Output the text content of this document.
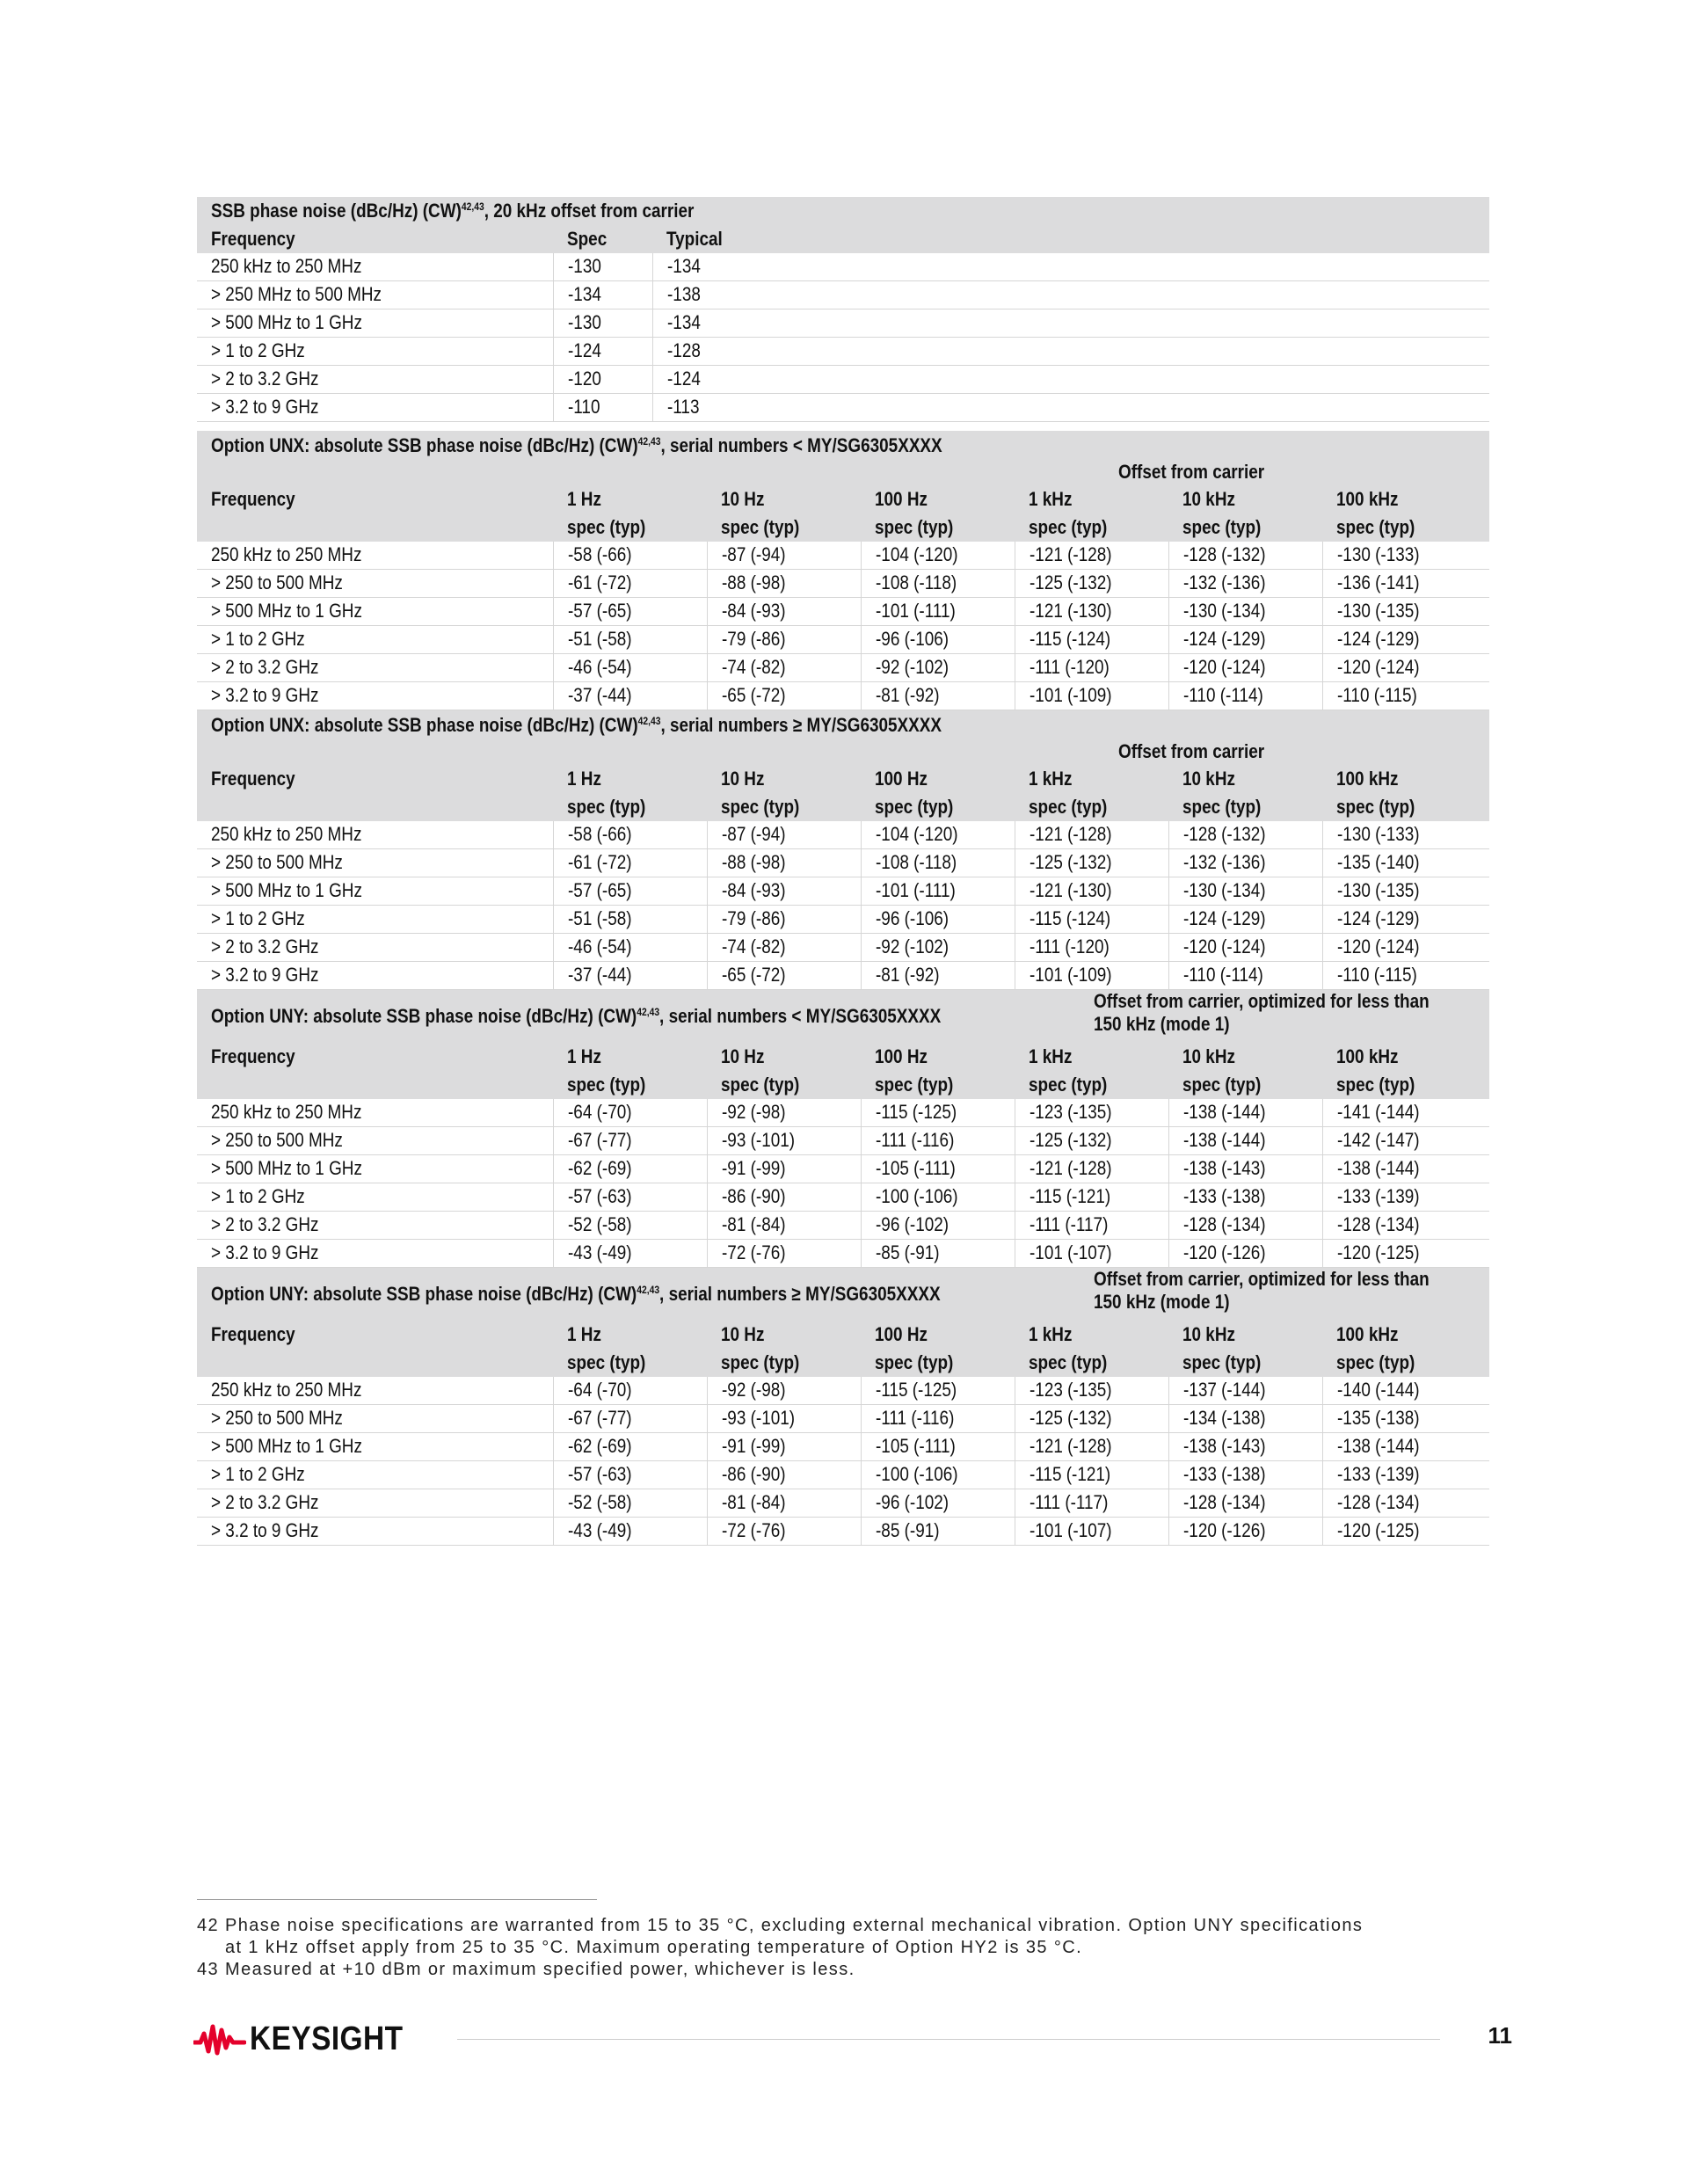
SSB phase noise (dBc/Hz) (CW)$^{42,43}$, 20 kHz offset from carrier
Frequency	Spec	Typical
250 kHz to 250 MHz	-130	-134
> 250 MHz to 500 MHz	-134	-138
> 500 MHz to 1 GHz	-130	-134
> 1 to 2 GHz	-124	-128
> 2 to 3.2 GHz	-120	-124
> 3.2 to 9 GHz	-110	-113

Option UNX: absolute SSB phase noise (dBc/Hz) (CW)$^{42,43}$, serial numbers < MY/SG6305XXXX				Offset from carrier		
Frequency	1 Hz	10 Hz	100 Hz	1 kHz	10 kHz	100 kHz
	spec (typ)	spec (typ)	spec (typ)	spec (typ)	spec (typ)	spec (typ)
250 kHz to 250 MHz	-58 (-66)	-87 (-94)	-104 (-120)	-121 (-128)	-128 (-132)	-130 (-133)
> 250 to 500 MHz	-61 (-72)	-88 (-98)	-108 (-118)	-125 (-132)	-132 (-136)	-136 (-141)
> 500 MHz to 1 GHz	-57 (-65)	-84 (-93)	-101 (-111)	-121 (-130)	-130 (-134)	-130 (-135)
> 1 to 2 GHz	-51 (-58)	-79 (-86)	-96 (-106)	-115 (-124)	-124 (-129)	-124 (-129)
> 2 to 3.2 GHz	-46 (-54)	-74 (-82)	-92 (-102)	-111 (-120)	-120 (-124)	-120 (-124)
> 3.2 to 9 GHz	-37 (-44)	-65 (-72)	-81 (-92)	-101 (-109)	-110 (-114)	-110 (-115)
Option UNX: absolute SSB phase noise (dBc/Hz) (CW)$^{42,43}$, serial numbers ≥ MY/SG6305XXXX				Offset from carrier		
Frequency	1 Hz	10 Hz	100 Hz	1 kHz	10 kHz	100 kHz
	spec (typ)	spec (typ)	spec (typ)	spec (typ)	spec (typ)	spec (typ)
250 kHz to 250 MHz	-58 (-66)	-87 (-94)	-104 (-120)	-121 (-128)	-128 (-132)	-130 (-133)
> 250 to 500 MHz	-61 (-72)	-88 (-98)	-108 (-118)	-125 (-132)	-132 (-136)	-135 (-140)
> 500 MHz to 1 GHz	-57 (-65)	-84 (-93)	-101 (-111)	-121 (-130)	-130 (-134)	-130 (-135)
> 1 to 2 GHz	-51 (-58)	-79 (-86)	-96 (-106)	-115 (-124)	-124 (-129)	-124 (-129)
> 2 to 3.2 GHz	-46 (-54)	-74 (-82)	-92 (-102)	-111 (-120)	-120 (-124)	-120 (-124)
> 3.2 to 9 GHz	-37 (-44)	-65 (-72)	-81 (-92)	-101 (-109)	-110 (-114)	-110 (-115)
Option UNY: absolute SSB phase noise (dBc/Hz) (CW)$^{42,43}$, serial numbers < MY/SG6305XXXX				Offset from carrier, optimized for less than
150 kHz (mode 1)		
Frequency	1 Hz	10 Hz	100 Hz	1 kHz	10 kHz	100 kHz
	spec (typ)	spec (typ)	spec (typ)	spec (typ)	spec (typ)	spec (typ)
250 kHz to 250 MHz	-64 (-70)	-92 (-98)	-115 (-125)	-123 (-135)	-138 (-144)	-141 (-144)
> 250 to 500 MHz	-67 (-77)	-93 (-101)	-111 (-116)	-125 (-132)	-138 (-144)	-142 (-147)
> 500 MHz to 1 GHz	-62 (-69)	-91 (-99)	-105 (-111)	-121 (-128)	-138 (-143)	-138 (-144)
> 1 to 2 GHz	-57 (-63)	-86 (-90)	-100 (-106)	-115 (-121)	-133 (-138)	-133 (-139)
> 2 to 3.2 GHz	-52 (-58)	-81 (-84)	-96 (-102)	-111 (-117)	-128 (-134)	-128 (-134)
> 3.2 to 9 GHz	-43 (-49)	-72 (-76)	-85 (-91)	-101 (-107)	-120 (-126)	-120 (-125)
Option UNY: absolute SSB phase noise (dBc/Hz) (CW)$^{42,43}$, serial numbers ≥ MY/SG6305XXXX				Offset from carrier, optimized for less than
150 kHz (mode 1)		
Frequency	1 Hz	10 Hz	100 Hz	1 kHz	10 kHz	100 kHz
	spec (typ)	spec (typ)	spec (typ)	spec (typ)	spec (typ)	spec (typ)
250 kHz to 250 MHz	-64 (-70)	-92 (-98)	-115 (-125)	-123 (-135)	-137 (-144)	-140 (-144)
> 250 to 500 MHz	-67 (-77)	-93 (-101)	-111 (-116)	-125 (-132)	-134 (-138)	-135 (-138)
> 500 MHz to 1 GHz	-62 (-69)	-91 (-99)	-105 (-111)	-121 (-128)	-138 (-143)	-138 (-144)
> 1 to 2 GHz	-57 (-63)	-86 (-90)	-100 (-106)	-115 (-121)	-133 (-138)	-133 (-139)
> 2 to 3.2 GHz	-52 (-58)	-81 (-84)	-96 (-102)	-111 (-117)	-128 (-134)	-128 (-134)
> 3.2 to 9 GHz	-43 (-49)	-72 (-76)	-85 (-91)	-101 (-107)	-120 (-126)	-120 (-125)
42 Phase noise specifications are warranted from 15 to 35 °C, excluding external mechanical vibration. Option UNY specifications
at 1 kHz offset apply from 25 to 35 °C. Maximum operating temperature of Option HY2 is 35 °C.
43 Measured at +10 dBm or maximum specified power, whichever is less.
KEYSIGHT	11
